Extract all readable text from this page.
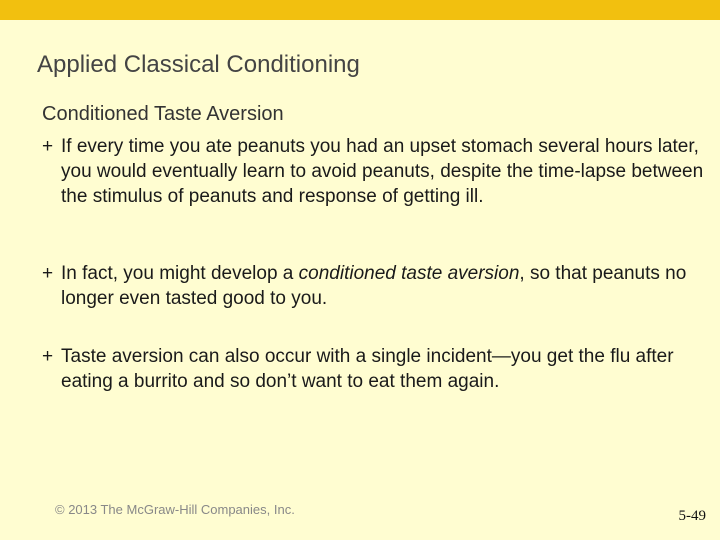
Applied Classical Conditioning
Conditioned Taste Aversion
+ If every time you ate peanuts you had an upset stomach several hours later, you would eventually learn to avoid peanuts, despite the time-lapse between the stimulus of peanuts and response of getting ill.
+ In fact, you might develop a conditioned taste aversion, so that peanuts no longer even tasted good to you.
+ Taste aversion can also occur with a single incident—you get the flu after eating a burrito and so don’t want to eat them again.
© 2013 The McGraw-Hill Companies, Inc.	5-49
